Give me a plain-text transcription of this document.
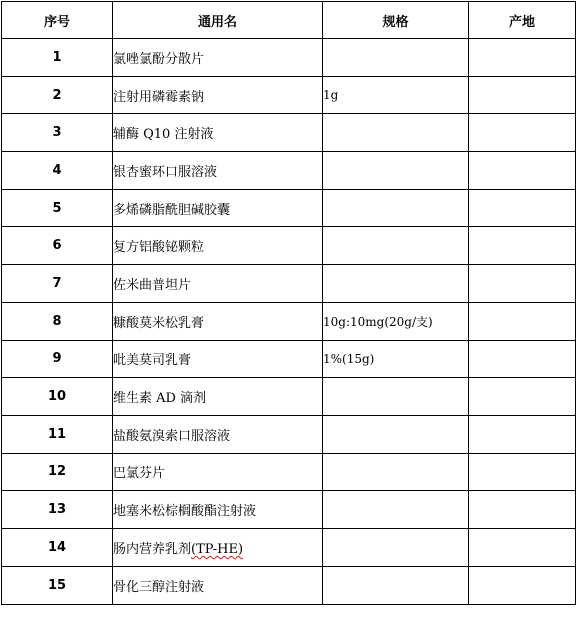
序号	通用名	规格	产地
1	氯唑氯酚分散片		
2	注射用磷霉素钠	1g	
3	辅酶 Q10 注射液		
4	银杏蜜环口服溶液		
5	多烯磷脂酰胆碱胶囊		
6	复方铝酸铋颗粒		
7	佐米曲普坦片		
8	糠酸莫米松乳膏	10g:10mg(20g/支)	
9	吡美莫司乳膏	1%(15g)	
10	维生素 AD 滴剂		
11	盐酸氨溴索口服溶液		
12	巴氯芬片		
13	地塞米松棕榈酸酯注射液		
14	肠内营养乳剂(TP-HE)		
15	骨化三醇注射液		
